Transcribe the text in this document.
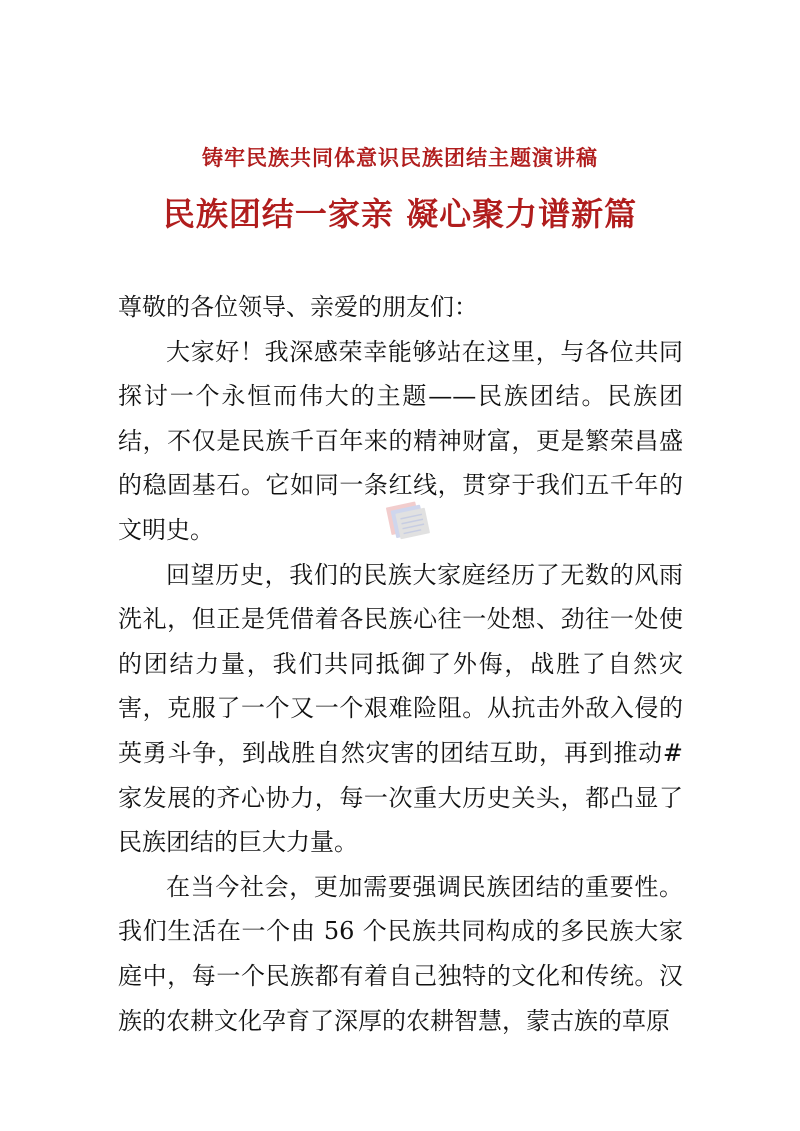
铸牢民族共同体意识民族团结主题演讲稿
民族团结一家亲 凝心聚力谱新篇

尊敬的各位领导、亲爱的朋友们：

大家好！我深感荣幸能够站在这里，与各位共同探讨一个永恒而伟大的主题——民族团结。民族团结，不仅是民族千百年来的精神财富，更是繁荣昌盛的稳固基石。它如同一条红线，贯穿于我们五千年的文明史。

回望历史，我们的民族大家庭经历了无数的风雨洗礼，但正是凭借着各民族心往一处想、劲往一处使的团结力量，我们共同抵御了外侮，战胜了自然灾害，克服了一个又一个艰难险阻。从抗击外敌入侵的英勇斗争，到战胜自然灾害的团结互助，再到推动#家发展的齐心协力，每一次重大历史关头，都凸显了民族团结的巨大力量。

在当今社会，更加需要强调民族团结的重要性。我们生活在一个由 56 个民族共同构成的多民族大家庭中，每一个民族都有着自己独特的文化和传统。汉族的农耕文化孕育了深厚的农耕智慧，蒙古族的草原
